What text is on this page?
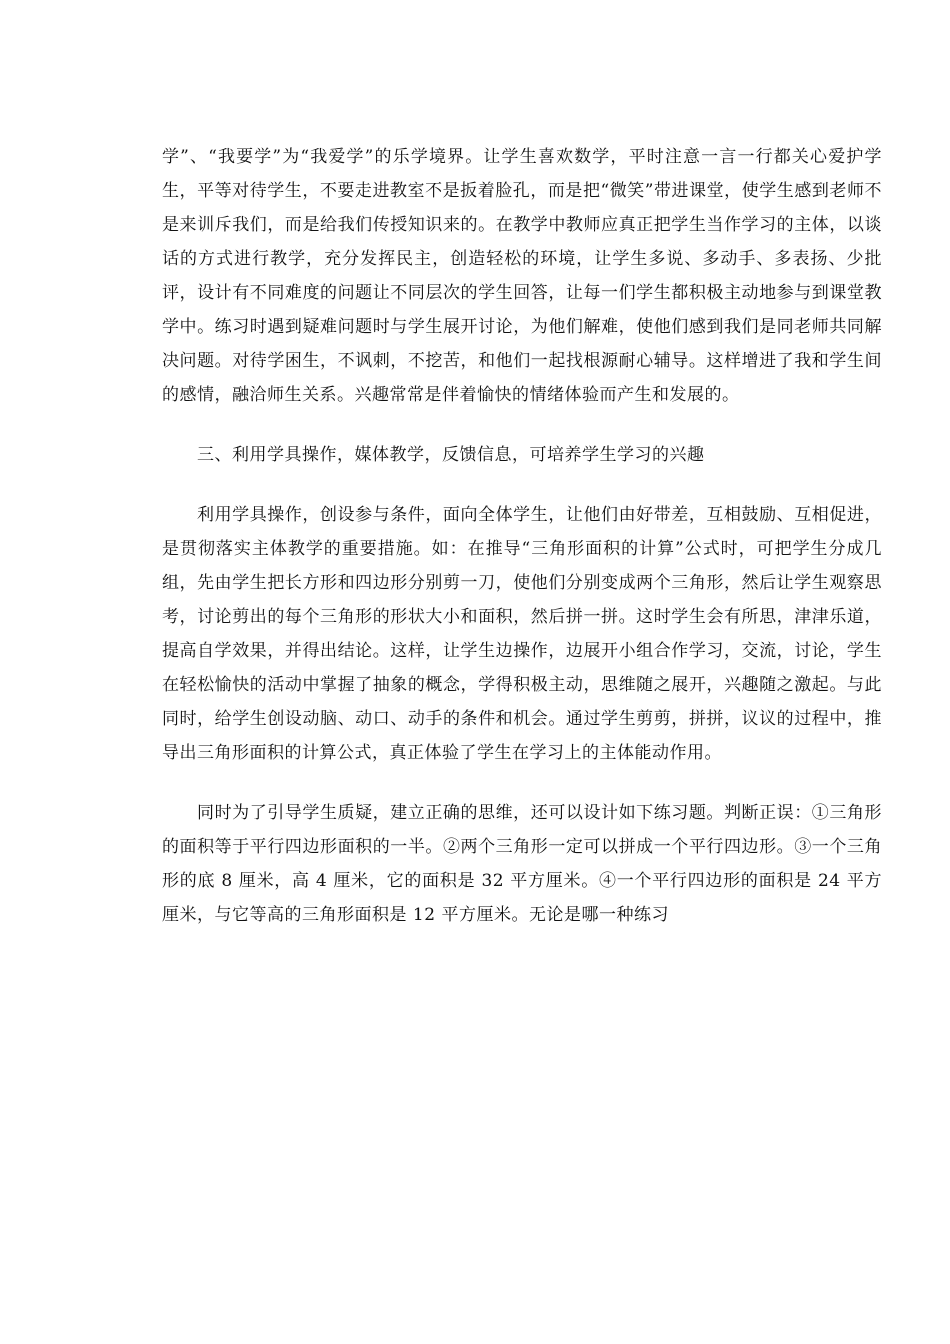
学”、“我要学”为“我爱学”的乐学境界。让学生喜欢数学，平时注意一言一行都关心爱护学生，平等对待学生，不要走进教室不是扳着脸孔，而是把“微笑”带进课堂，使学生感到老师不是来训斥我们，而是给我们传授知识来的。在教学中教师应真正把学生当作学习的主体，以谈话的方式进行教学，充分发挥民主，创造轻松的环境，让学生多说、多动手、多表扬、少批评，设计有不同难度的问题让不同层次的学生回答，让每一们学生都积极主动地参与到课堂教学中。练习时遇到疑难问题时与学生展开讨论，为他们解难，使他们感到我们是同老师共同解决问题。对待学困生，不讽刺，不挖苦，和他们一起找根源耐心辅导。这样增进了我和学生间的感情，融洽师生关系。兴趣常常是伴着愉快的情绪体验而产生和发展的。

三、利用学具操作，媒体教学，反馈信息，可培养学生学习的兴趣

利用学具操作，创设参与条件，面向全体学生，让他们由好带差，互相鼓励、互相促进，是贯彻落实主体教学的重要措施。如：在推导“三角形面积的计算”公式时，可把学生分成几组，先由学生把长方形和四边形分别剪一刀，使他们分别变成两个三角形，然后让学生观察思考，讨论剪出的每个三角形的形状大小和面积，然后拼一拼。这时学生会有所思，津津乐道，提高自学效果，并得出结论。这样，让学生边操作，边展开小组合作学习，交流，讨论，学生在轻松愉快的活动中掌握了抽象的概念，学得积极主动，思维随之展开，兴趣随之激起。与此同时，给学生创设动脑、动口、动手的条件和机会。通过学生剪剪，拼拼，议议的过程中，推导出三角形面积的计算公式，真正体验了学生在学习上的主体能动作用。

同时为了引导学生质疑，建立正确的思维，还可以设计如下练习题。判断正误：①三角形的面积等于平行四边形面积的一半。②两个三角形一定可以拼成一个平行四边形。③一个三角形的底 8 厘米，高 4 厘米，它的面积是 32 平方厘米。④一个平行四边形的面积是 24 平方厘米，与它等高的三角形面积是 12 平方厘米。无论是哪一种练习
